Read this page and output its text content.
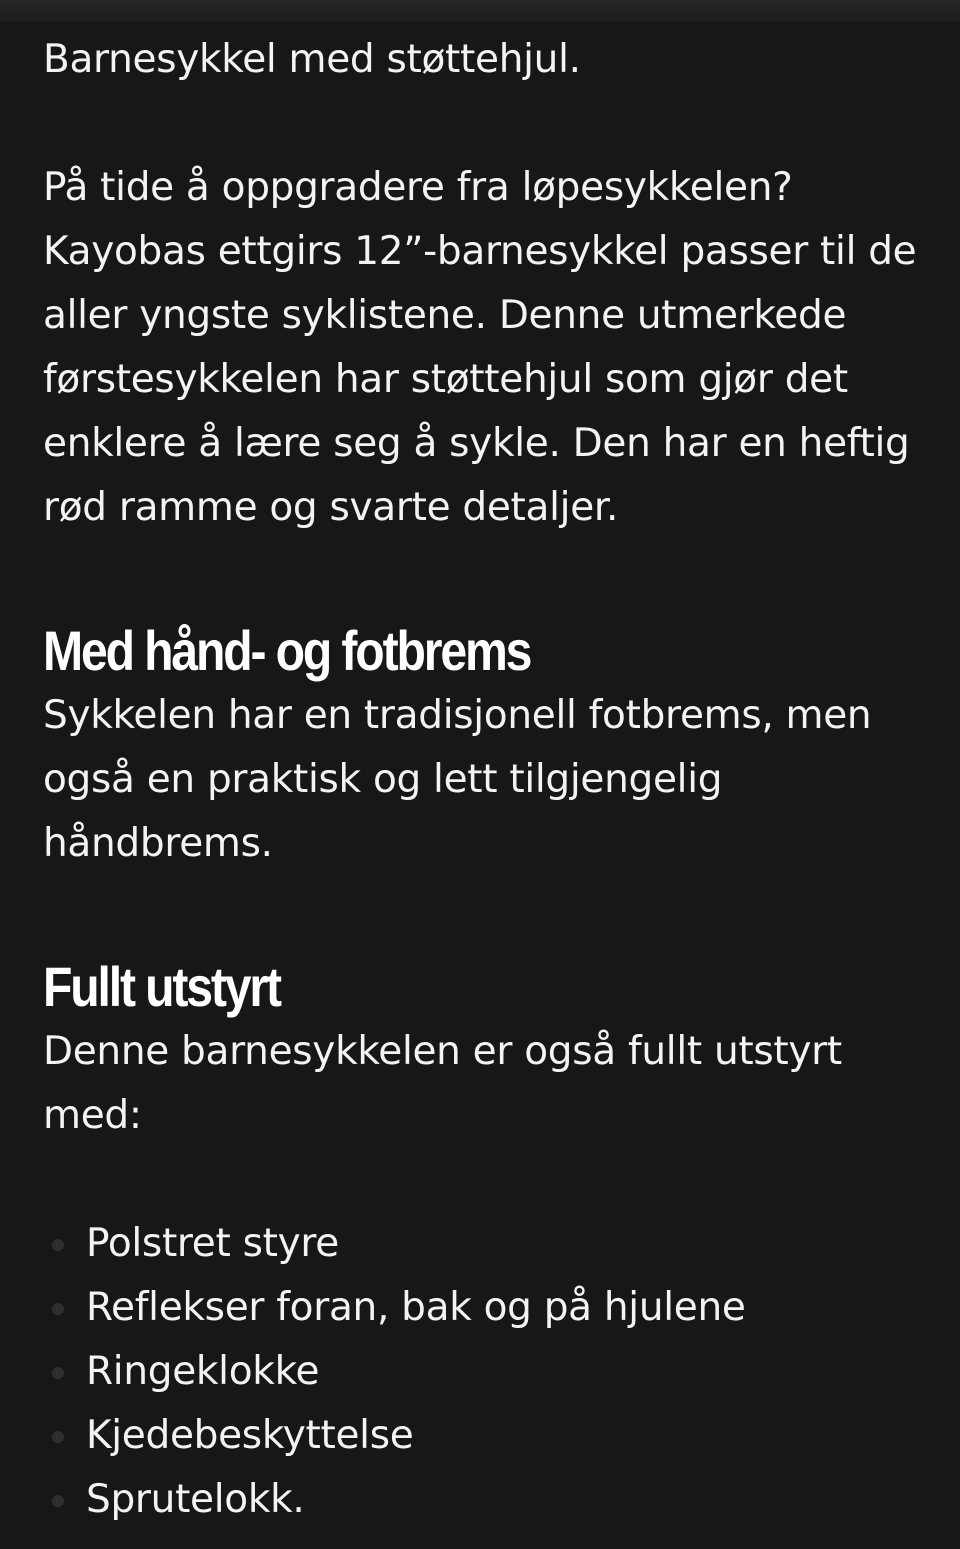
Barnesykkel med støttehjul.

På tide å oppgradere fra løpesykkelen? Kayobas ettgirs 12”-barnesykkel passer til de aller yngste syklistene. Denne utmerkede førstesykkelen har støttehjul som gjør det enklere å lære seg å sykle. Den har en heftig rød ramme og svarte detaljer.

Med hånd- og fotbrems

Sykkelen har en tradisjonell fotbrems, men også en praktisk og lett tilgjengelig håndbrems.

Fullt utstyrt

Denne barnesykkelen er også fullt utstyrt med:

Polstret styre
Reflekser foran, bak og på hjulene
Ringeklokke
Kjedebeskyttelse
Sprutelokk.
